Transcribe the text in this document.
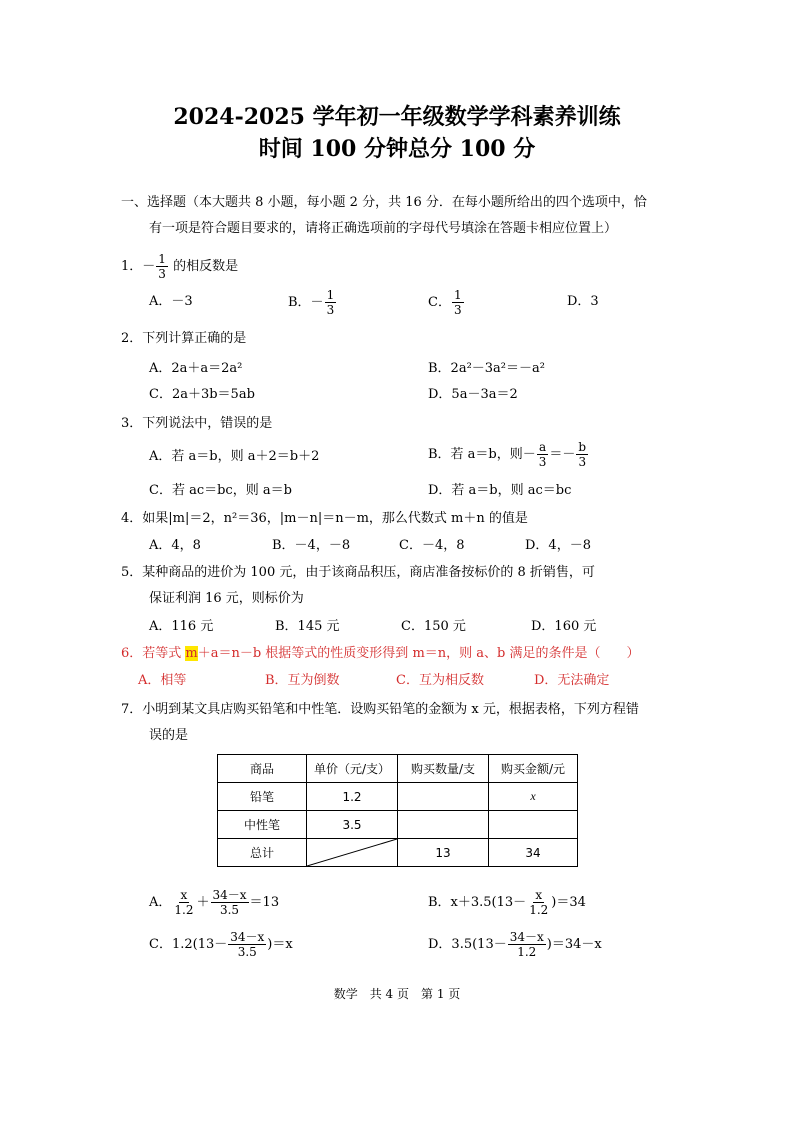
2024-2025 学年初一年级数学学科素养训练
时间 100 分钟总分 100 分
一、选择题（本大题共 8 小题，每小题 2 分，共 16 分．在每小题所给出的四个选项中，恰
有一项是符合题目要求的，请将正确选项前的字母代号填涂在答题卡相应位置上）
1．－ $\frac{1}{3}$ 的相反数是
A．－3	B．－ $\frac{1}{3}$	C． $\frac{1}{3}$	D．3
2．下列计算正确的是
A．2a＋a＝2a²	B．2a²－3a²＝－a²
C．2a＋3b＝5ab	D．5a－3a＝2
3．下列说法中，错误的是
A．若 a＝b，则 a＋2＝b＋2	B．若 a＝b，则－ $\frac{a}{3} =- \frac{b}{3}$
C．若 ac＝bc，则 a＝b	D．若 a＝b，则 ac＝bc
4．如果|m|＝2，n²＝36，|m－n|＝n－m，那么代数式 m＋n 的值是
A．4，8	B．－4，－8	C．－4，8	D．4，－8
5．某种商品的进价为 100 元，由于该商品积压，商店准备按标价的 8 折销售，可
保证利润 16 元，则标价为
A．116 元	B．145 元	C．150 元	D．160 元
6．若等式 m＋a＝n－b 根据等式的性质变形得到 m＝n，则 a、b 满足的条件是（　　）
A．相等	B．互为倒数	C．互为相反数	D．无法确定
7．小明到某文具店购买铅笔和中性笔．设购买铅笔的金额为 x 元，根据表格，下列方程错
误的是
商品	单价（元/支）	购买数量/支	购买金额/元
铅笔	1.2		x
中性笔	3.5		
总计		13	34
A． $\frac{x}{1.2} + \frac{34-x}{3.5} =13$	B．$x+3.5(13- \frac{x}{1.2} )=34$
C．$1.2(13- \frac{34-x}{3.5} )=x$	D．$3.5(13- \frac{34-x}{1.2} )=34-x$
数学　共 4 页　第 1 页
